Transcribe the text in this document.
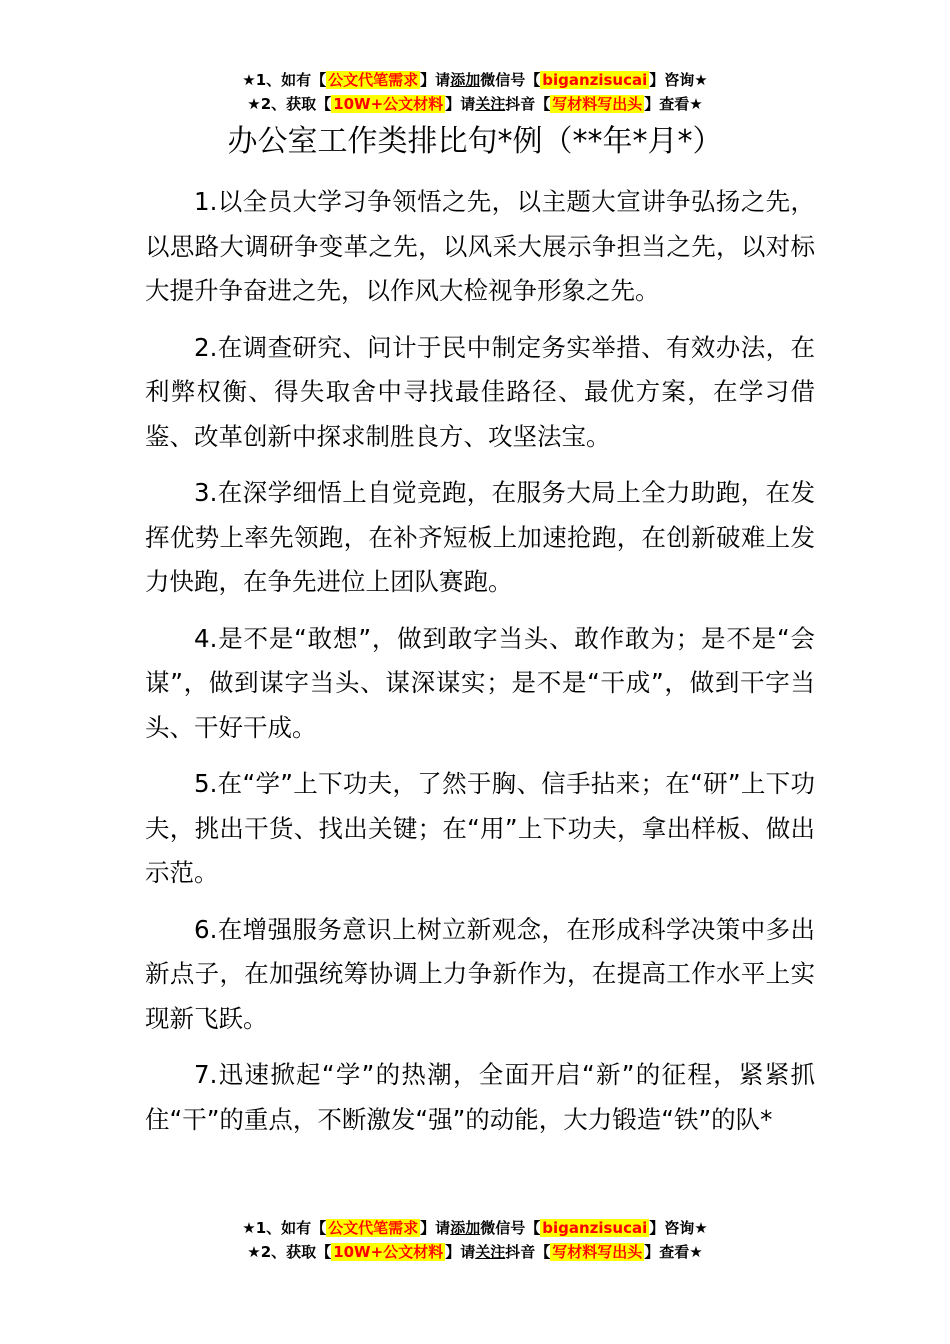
★1、如有【 公文代笔需求 】请添加微信号【 biganzisucai 】咨询★
★2、获取【 10W+公文材料 】请关注抖音【 写材料写出头 】查看★
办公室工作类排比句*例（**年*月*）

1.以全员大学习争领悟之先，以主题大宣讲争弘扬之先，以思路大调研争变革之先，以风采大展示争担当之先，以对标大提升争奋进之先，以作风大检视争形象之先。

2.在调查研究、问计于民中制定务实举措、有效办法，在利弊权衡、得失取舍中寻找最佳路径、最优方案，在学习借鉴、改革创新中探求制胜良方、攻坚法宝。

3.在深学细悟上自觉竞跑，在服务大局上全力助跑，在发挥优势上率先领跑，在补齐短板上加速抢跑，在创新破难上发力快跑，在争先进位上团队赛跑。

4.是不是“敢想”，做到敢字当头、敢作敢为；是不是“会谋”，做到谋字当头、谋深谋实；是不是“干成”，做到干字当头、干好干成。

5.在“学”上下功夫，了然于胸、信手拈来；在“研”上下功夫，挑出干货、找出关键；在“用”上下功夫，拿出样板、做出示范。

6.在增强服务意识上树立新观念，在形成科学决策中多出新点子，在加强统筹协调上力争新作为，在提高工作水平上实现新飞跃。

7.迅速掀起“学”的热潮，全面开启“新”的征程，紧紧抓住“干”的重点，不断激发“强”的动能，大力锻造“铁”的队*

★1、如有【 公文代笔需求 】请添加微信号【 biganzisucai 】咨询★
★2、获取【 10W+公文材料 】请关注抖音【 写材料写出头 】查看★
